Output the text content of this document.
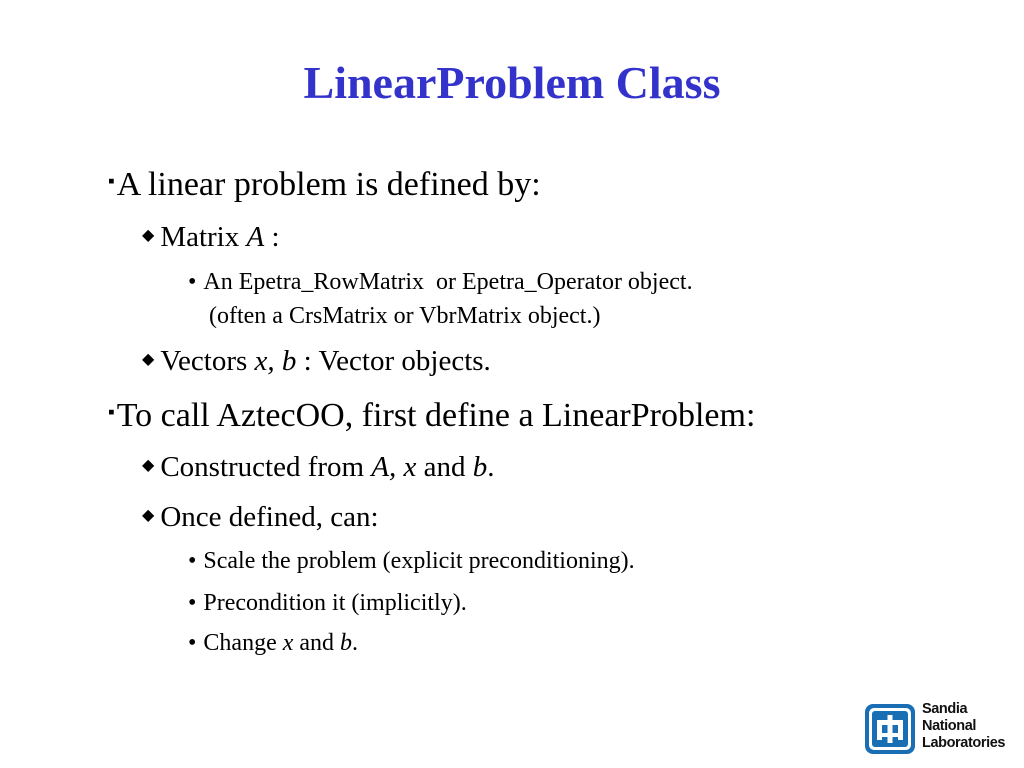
LinearProblem Class
▪A linear problem is defined by:
◆ Matrix A :
• An Epetra_RowMatrix  or Epetra_Operator object.
(often a CrsMatrix or VbrMatrix object.)
◆ Vectors x, b : Vector objects.
▪To call AztecOO, first define a LinearProblem:
◆ Constructed from A, x and b.
◆ Once defined, can:
• Scale the problem (explicit preconditioning).
• Precondition it (implicitly).
• Change x and b.
Sandia
National
Laboratories
